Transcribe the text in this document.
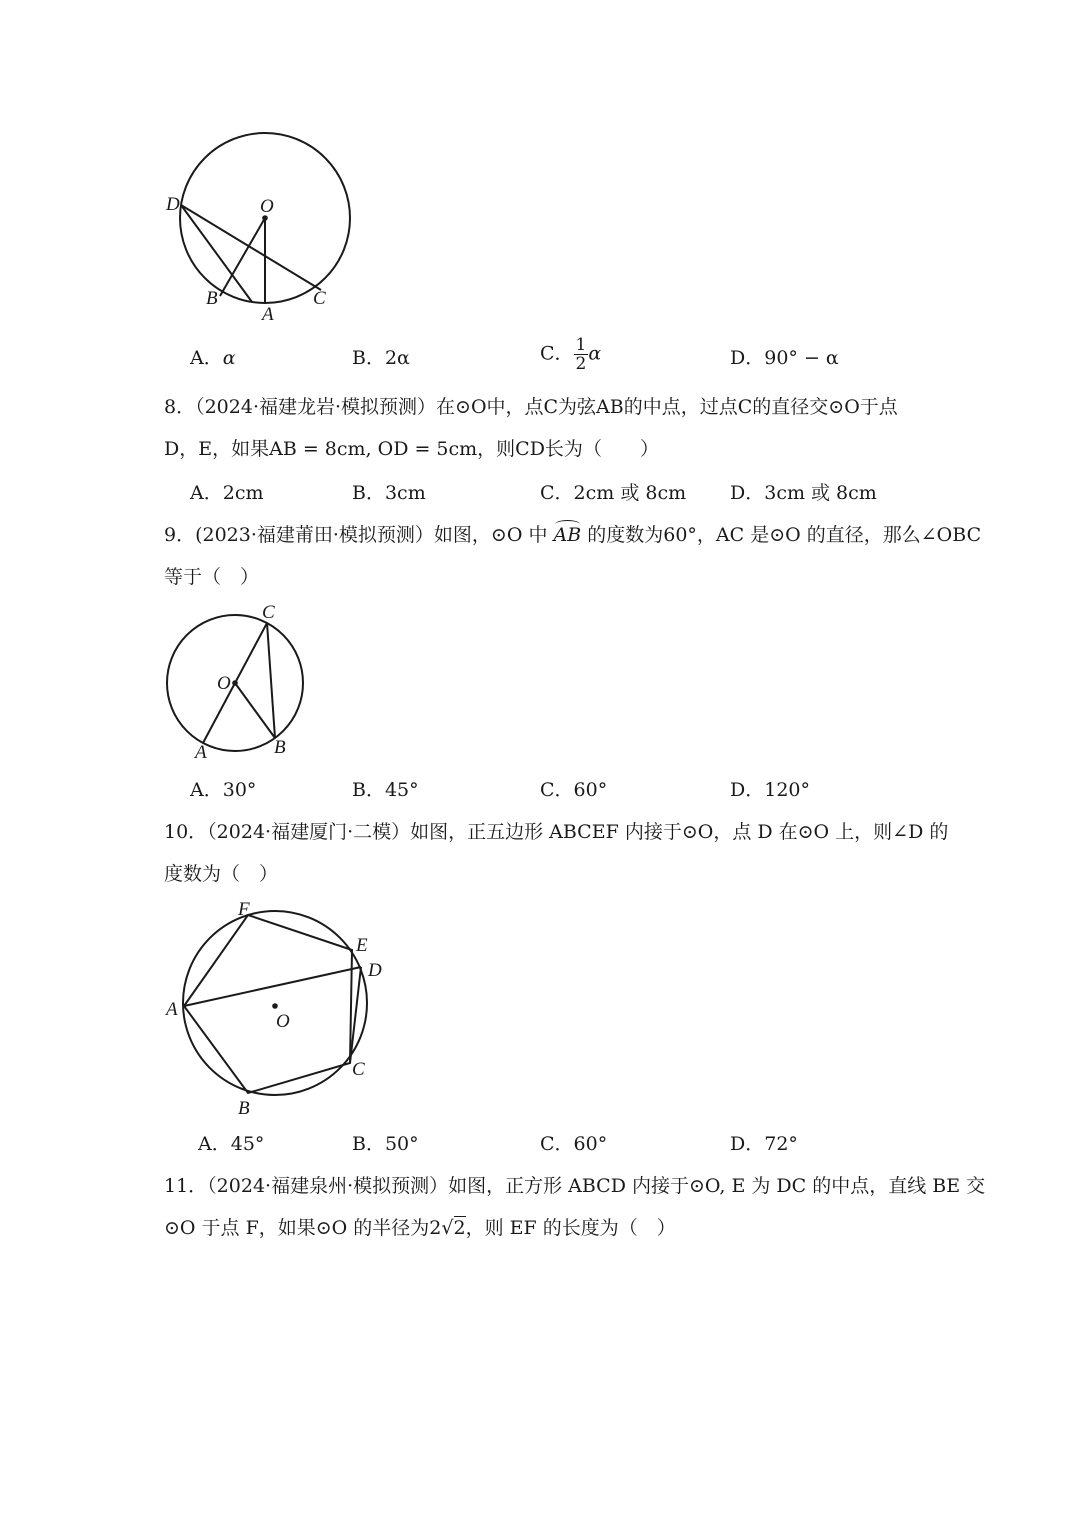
D	O
B
A
C
A．α	B．2α	C． $\frac{1}{2}$ α	D．90° − α
8．（2024·福建龙岩·模拟预测）在⊙O中，点C为弦AB的中点，过点C的直径交⊙O于点
D，E，如果AB = 8cm, OD = 5cm，则CD长为（　　）
A．2cm	B．3cm	C．2cm 或 8cm D．3cm 或 8cm
9．(2023·福建莆田·模拟预测）如图，⊙O 中 AB 的度数为60°，AC 是⊙O 的直径，那么∠OBC
等于（　）
C
O
A	B
A．30°	B．45°	C．60°	D．120°
10．（2024·福建厦门·二模）如图，正五边形 ABCEF 内接于⊙O，点 D 在⊙O 上，则∠D 的
度数为（　）
F
E
D
A
O
C
B
A．45°	B．50°	C．60°	D．72°
11．（2024·福建泉州·模拟预测）如图，正方形 ABCD 内接于⊙O, E 为 DC 的中点，直线 BE 交
⊙O 于点 F，如果⊙O 的半径为2√2，则 EF 的长度为（　）
